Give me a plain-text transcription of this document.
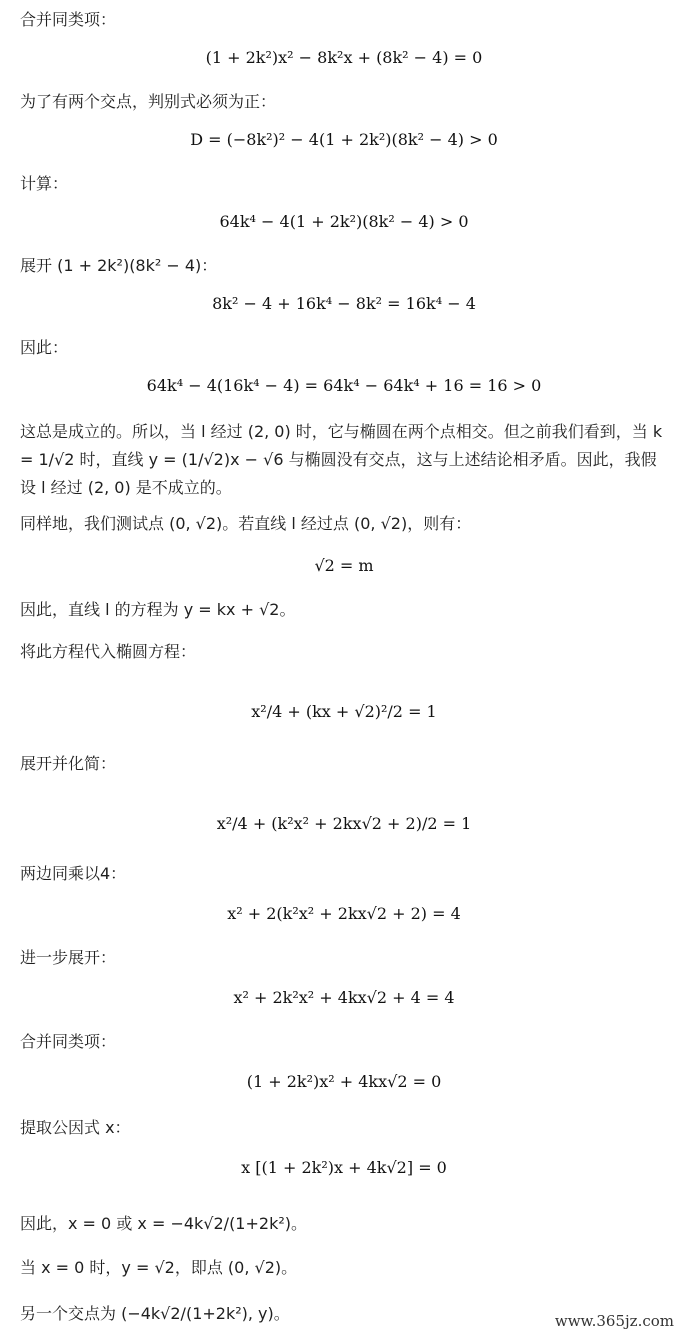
合并同类项：
(1 + 2k²)x² − 8k²x + (8k² − 4) = 0
为了有两个交点，判别式必须为正：
D = (−8k²)² − 4(1 + 2k²)(8k² − 4) > 0
计算：
64k⁴ − 4(1 + 2k²)(8k² − 4) > 0
展开 (1 + 2k²)(8k² − 4)：
8k² − 4 + 16k⁴ − 8k² = 16k⁴ − 4
因此：
64k⁴ − 4(16k⁴ − 4) = 64k⁴ − 64k⁴ + 16 = 16 > 0
这总是成立的。所以，当 l 经过 (2, 0) 时，它与椭圆在两个点相交。但之前我们看到，当 k = 1/√2 时，直线 y = (1/√2)x − √6 与椭圆没有交点，这与上述结论相矛盾。因此，我假设 l 经过 (2, 0) 是不成立的。
同样地，我们测试点 (0, √2)。若直线 l 经过点 (0, √2)，则有：
√2 = m
因此，直线 l 的方程为 y = kx + √2。
将此方程代入椭圆方程：
x²/4 + (kx + √2)²/2 = 1
展开并化简：
x²/4 + (k²x² + 2kx√2 + 2)/2 = 1
两边同乘以4：
x² + 2(k²x² + 2kx√2 + 2) = 4
进一步展开：
x² + 2k²x² + 4kx√2 + 4 = 4
合并同类项：
(1 + 2k²)x² + 4kx√2 = 0
提取公因式 x：
x [(1 + 2k²)x + 4k√2] = 0
因此，x = 0 或 x = −4k√2/(1+2k²)。
当 x = 0 时，y = √2，即点 (0, √2)。
另一个交点为 (−4k√2/(1+2k²), y)。	www.365jz.com
